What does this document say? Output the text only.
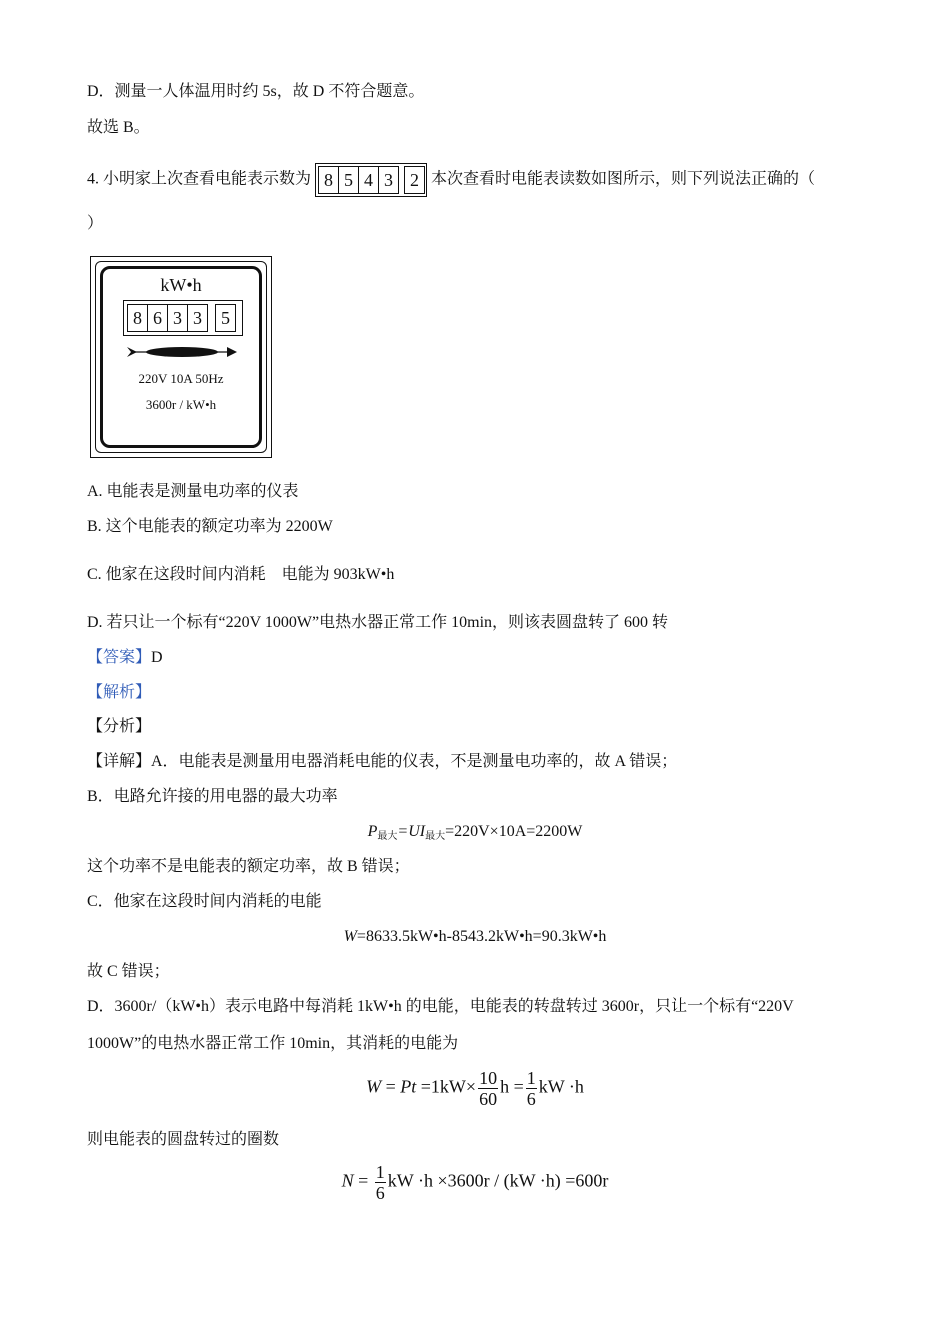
D．测量一人体温用时约 5s，故 D 不符合题意。
故选 B。
4. 小明家上次查看电能表示数为 8 5 4 3 2 本次查看时电能表读数如图所示，则下列说法正确的（
）
kW•h
8 6 3 3	5
220V 10A 50Hz
3600r / kW•h
A. 电能表是测量电功率的仪表
B. 这个电能表的额定功率为 2200W
C. 他家在这段时间内消耗　电能为 903kW•h
D. 若只让一个标有“220V 1000W”电热水器正常工作 10min，则该表圆盘转了 600 转
【答案】D
【解析】
【分析】
【详解】A．电能表是测量用电器消耗电能的仪表，不是测量电功率的，故 A 错误；
B．电路允许接的用电器的最大功率
$P_{最大}=UI_{最大}=220V\times 10A=2200W$
这个功率不是电能表的额定功率，故 B 错误；
C．他家在这段时间内消耗的电能
W=8633.5kW•h-8543.2kW•h=90.3kW•h
故 C 错误；
D．3600r/（kW•h）表示电路中每消耗 1kW•h 的电能，电能表的转盘转过 3600r，只让一个标有“220V
1000W”的电热水器正常工作 10min，其消耗的电能为
$W = Pt =1kW\times \frac{10}{60}$ $h = \frac{1}{6}$ kW ·h
则电能表的圆盘转过的圈数
$N = \frac{1}{6}$ kW ·h ×3600r / (kW ·h) =600r
